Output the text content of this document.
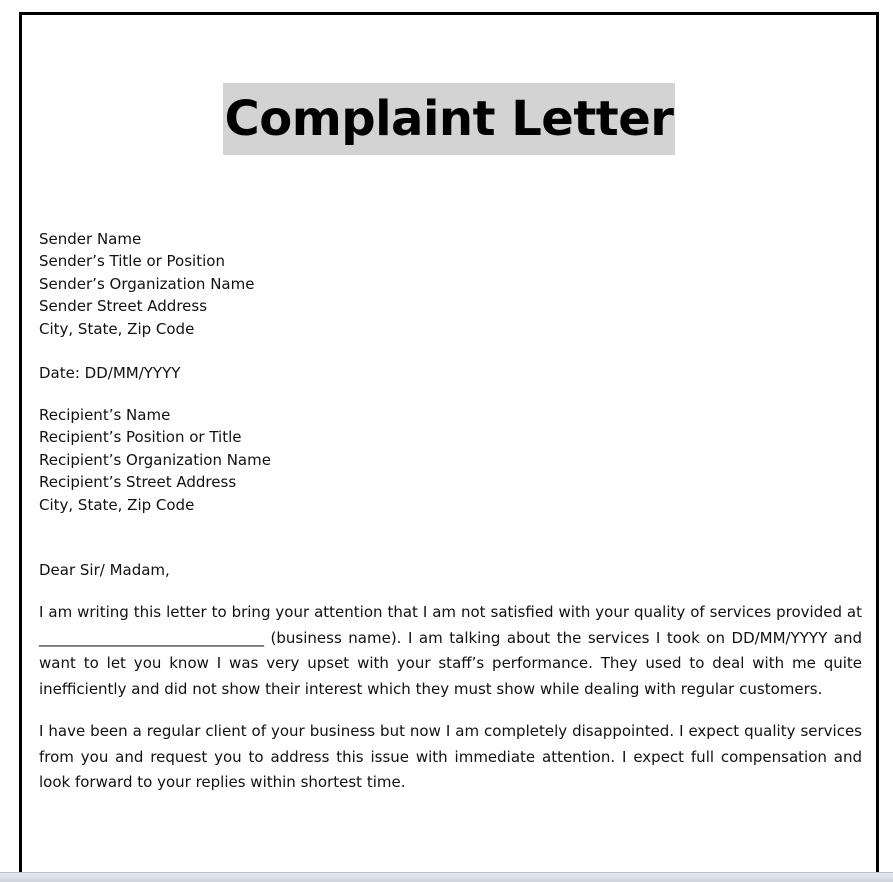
Complaint Letter
Sender Name
Sender’s Title or Position
Sender’s Organization Name
Sender Street Address
City, State, Zip Code
Date: DD/MM/YYYY
Recipient’s Name
Recipient’s Position or Title
Recipient’s Organization Name
Recipient’s Street Address
City, State, Zip Code
Dear Sir/ Madam,
I am writing this letter to bring your attention that I am not satisfied with your quality of services provided at ______________________________ (business name). I am talking about the services I took on DD/MM/YYYY and want to let you know I was very upset with your staff’s performance. They used to deal with me quite inefficiently and did not show their interest which they must show while dealing with regular customers.
I have been a regular client of your business but now I am completely disappointed. I expect quality services from you and request you to address this issue with immediate attention. I expect full compensation and look forward to your replies within shortest time.
